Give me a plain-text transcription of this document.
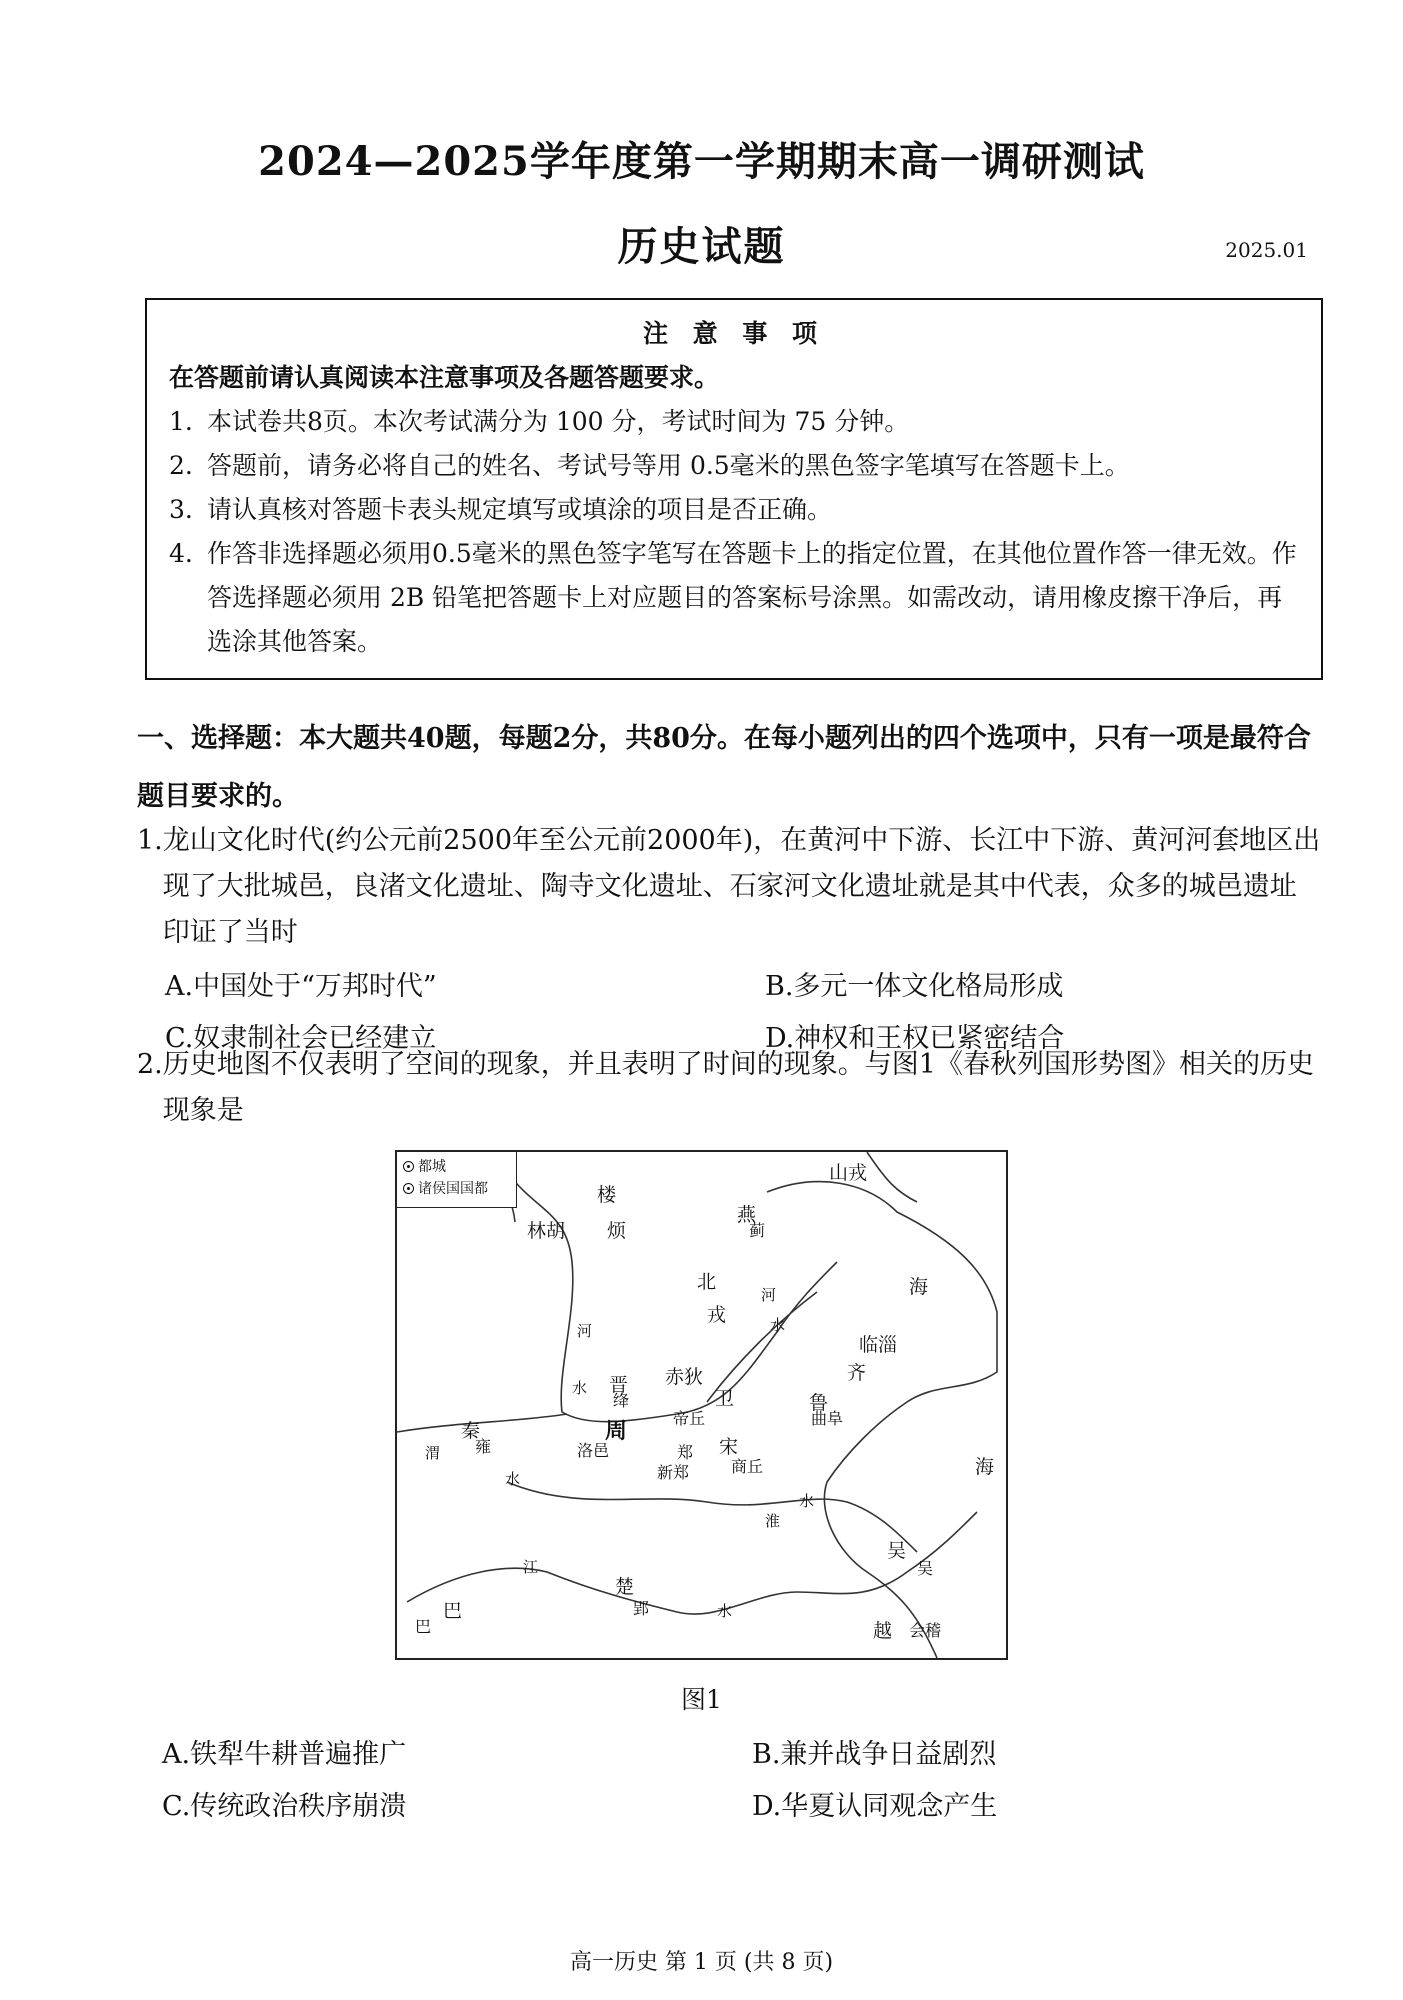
2024—2025学年度第一学期期末高一调研测试
历史试题	2025.01
注 意 事 项
在答题前请认真阅读本注意事项及各题答题要求。
1. 本试卷共8页。本次考试满分为 100 分，考试时间为 75 分钟。
2. 答题前，请务必将自己的姓名、考试号等用 0.5毫米的黑色签字笔填写在答题卡上。
3. 请认真核对答题卡表头规定填写或填涂的项目是否正确。
4. 作答非选择题必须用0.5毫米的黑色签字笔写在答题卡上的指定位置，在其他位置作答一律无效。作答选择题必须用 2B 铅笔把答题卡上对应题目的答案标号涂黑。如需改动，请用橡皮擦干净后，再选涂其他答案。
一、选择题：本大题共40题，每题2分，共80分。在每小题列出的四个选项中，只有一项是最符合题目要求的。
1. 龙山文化时代(约公元前2500年至公元前2000年)，在黄河中下游、长江中下游、黄河河套地区出现了大批城邑，良渚文化遗址、陶寺文化遗址、石家河文化遗址就是其中代表，众多的城邑遗址印证了当时
A.中国处于“万邦时代”	B.多元一体文化格局形成
C.奴隶制社会已经建立	D.神权和王权已紧密结合
2. 历史地图不仅表明了空间的现象，并且表明了时间的现象。与图1《春秋列国形势图》相关的历史现象是
都城
诸侯国国都
山戎
楼
林胡 烦
燕
蓟
北
戎
海
河
河
水
水
临淄
齐
晋
绛
赤狄
卫
帝丘
鲁
曲阜
秦
雍
周
洛邑	郑
新郑
宋
商丘
渭
水
淮
水
海
吴
吴
江
楚
郢	水
巴
巴	越 会稽
图1
A.铁犁牛耕普遍推广	B.兼并战争日益剧烈
C.传统政治秩序崩溃	D.华夏认同观念产生
高一历史 第 1 页 (共 8 页)
